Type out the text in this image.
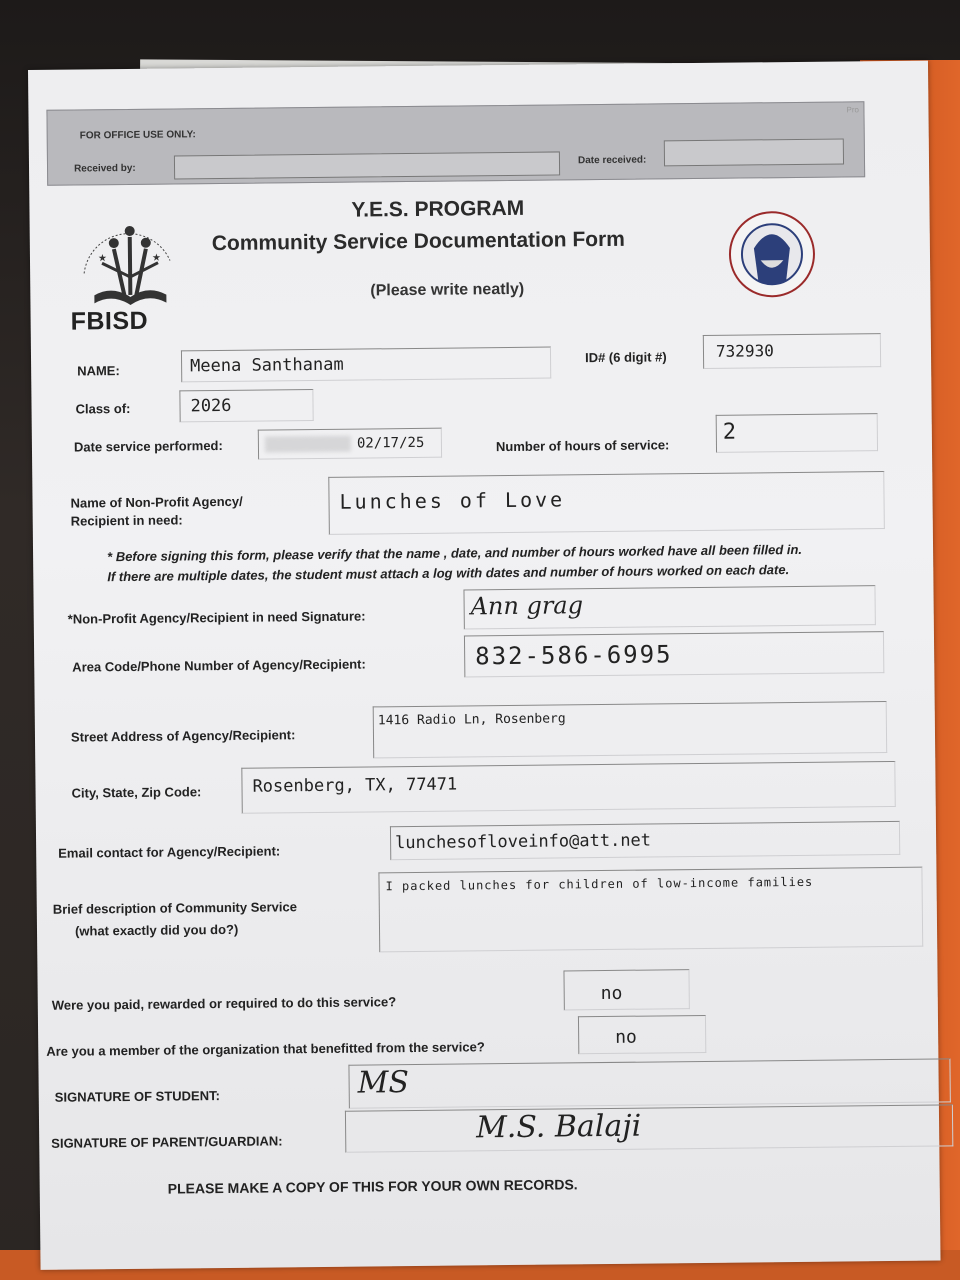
FOR OFFICE USE ONLY:
Received by:
Date received:
Pro
★	★
FBISD
Y.E.S. PROGRAM
Community Service Documentation Form
(Please write neatly)
NAME:	Meena Santhanam	ID# (6 digit #)	732930
Class of:	2026
Date service performed:	02/17/25	Number of hours of service:
2
Name of Non-Profit Agency/
Recipient in need:
Lunches of Love
* Before signing this form, please verify that the name , date, and number of hours worked have all been filled in.
If there are multiple dates, the student must attach a log with dates and number of hours worked on each date.
*Non-Profit Agency/Recipient in need Signature:	Ann grag
Area Code/Phone Number of Agency/Recipient:	832-586-6995
Street Address of Agency/Recipient:
1416 Radio Ln, Rosenberg
City, State, Zip Code:	Rosenberg, TX, 77471
Email contact for Agency/Recipient:	lunchesofloveinfo@att.net
Brief description of Community Service
(what exactly did you do?)
I packed lunches for children of low-income families
Were you paid, rewarded or required to do this service?	no
Are you a member of the organization that benefitted from the service?
no
SIGNATURE OF STUDENT:	MS
SIGNATURE OF PARENT/GUARDIAN:	M.S. Balaji
PLEASE MAKE A COPY OF THIS FOR YOUR OWN RECORDS.
